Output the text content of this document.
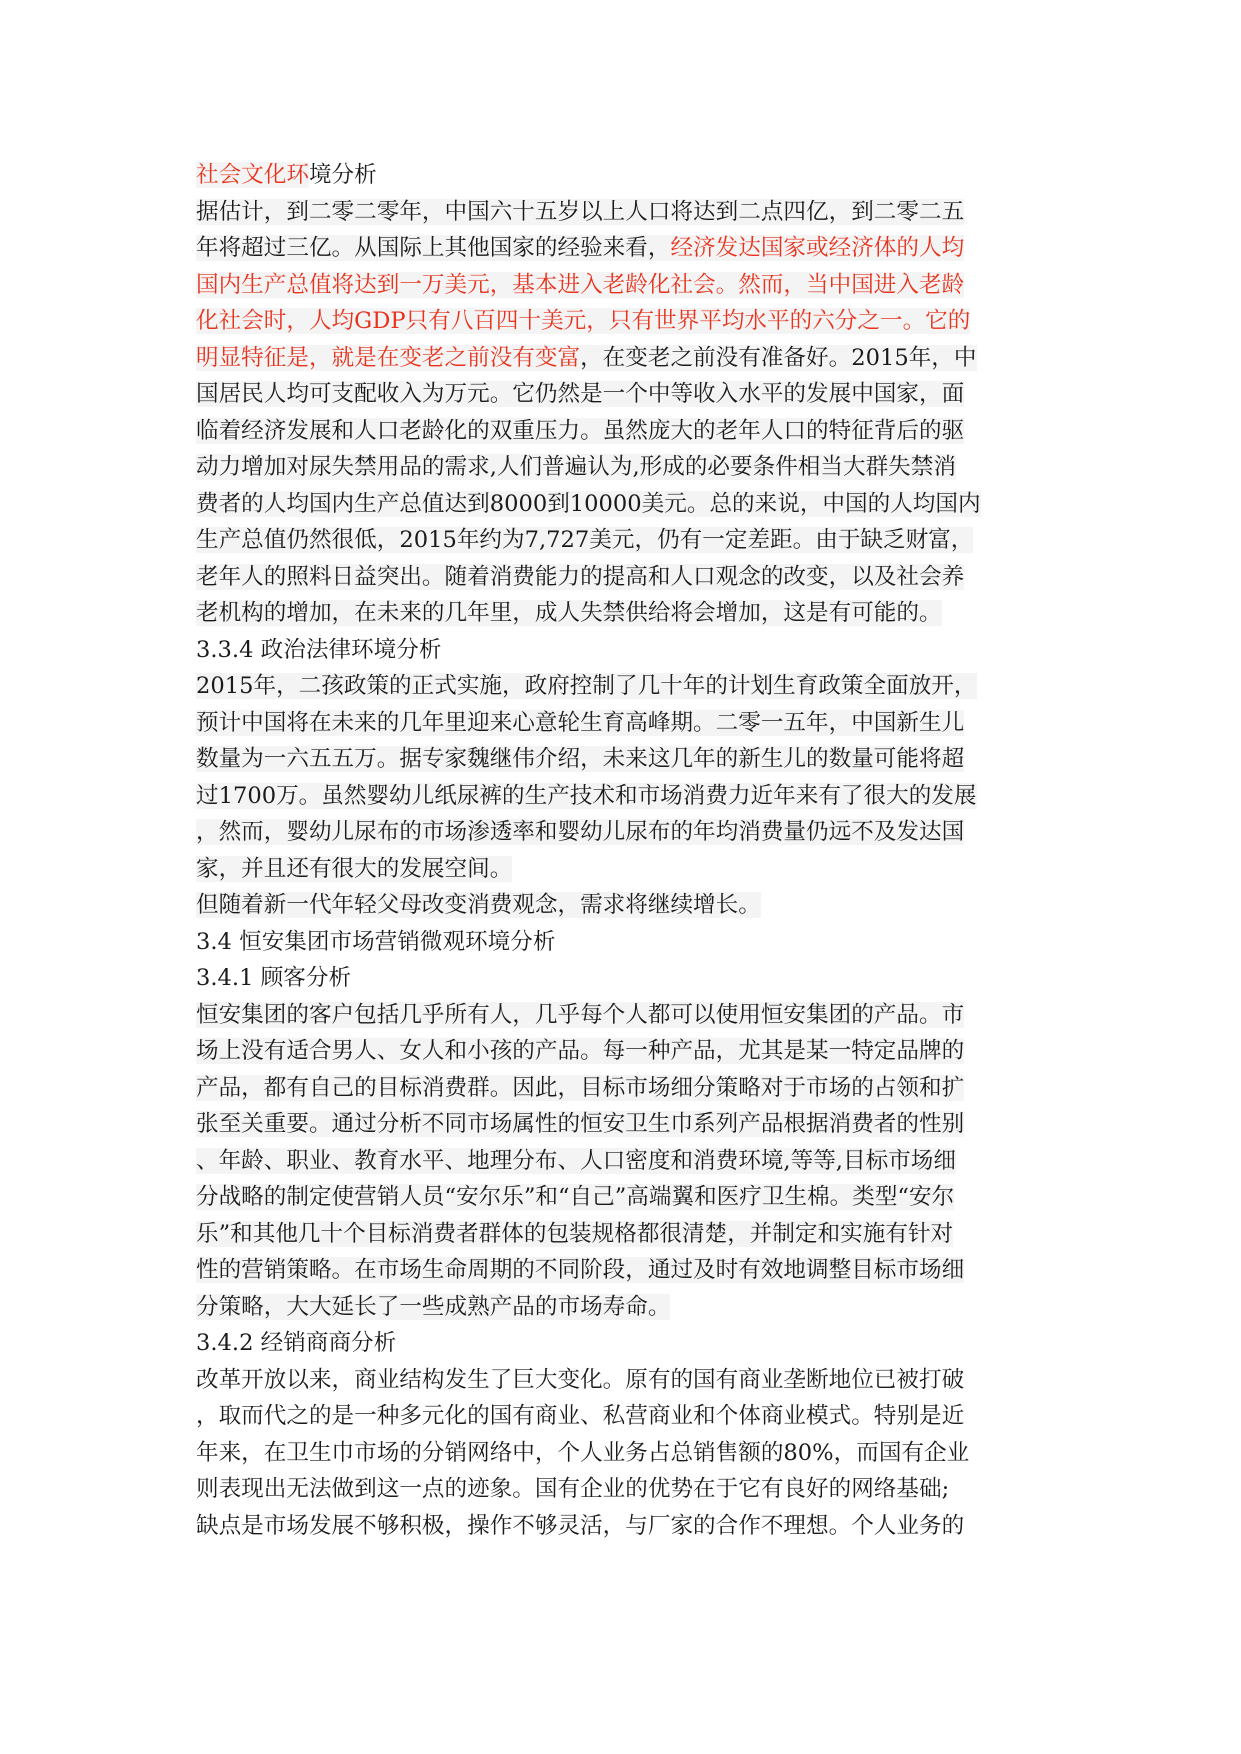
社会文化环境分析
据估计，到二零二零年，中国六十五岁以上人口将达到二点四亿，到二零二五
年将超过三亿。从国际上其他国家的经验来看，经济发达国家或经济体的人均
国内生产总值将达到一万美元，基本进入老龄化社会。然而，当中国进入老龄
化社会时，人均GDP只有八百四十美元，只有世界平均水平的六分之一。它的
明显特征是，就是在变老之前没有变富，在变老之前没有准备好。2015年，中
国居民人均可支配收入为万元。它仍然是一个中等收入水平的发展中国家，面
临着经济发展和人口老龄化的双重压力。虽然庞大的老年人口的特征背后的驱
动力增加对尿失禁用品的需求,人们普遍认为,形成的必要条件相当大群失禁消
费者的人均国内生产总值达到8000到10000美元。总的来说，中国的人均国内
生产总值仍然很低，2015年约为7,727美元，仍有一定差距。由于缺乏财富，
老年人的照料日益突出。随着消费能力的提高和人口观念的改变，以及社会养
老机构的增加，在未来的几年里，成人失禁供给将会增加，这是有可能的。
3.3.4 政治法律环境分析
2015年，二孩政策的正式实施，政府控制了几十年的计划生育政策全面放开，
预计中国将在未来的几年里迎来心意轮生育高峰期。二零一五年，中国新生儿
数量为一六五五万。据专家魏继伟介绍，未来这几年的新生儿的数量可能将超
过1700万。虽然婴幼儿纸尿裤的生产技术和市场消费力近年来有了很大的发展
，然而，婴幼儿尿布的市场渗透率和婴幼儿尿布的年均消费量仍远不及发达国
家，并且还有很大的发展空间。
但随着新一代年轻父母改变消费观念，需求将继续增长。
3.4 恒安集团市场营销微观环境分析
3.4.1 顾客分析
恒安集团的客户包括几乎所有人，几乎每个人都可以使用恒安集团的产品。市
场上没有适合男人、女人和小孩的产品。每一种产品，尤其是某一特定品牌的
产品，都有自己的目标消费群。因此，目标市场细分策略对于市场的占领和扩
张至关重要。通过分析不同市场属性的恒安卫生巾系列产品根据消费者的性别
、年龄、职业、教育水平、地理分布、人口密度和消费环境,等等,目标市场细
分战略的制定使营销人员“安尔乐”和“自己”高端翼和医疗卫生棉。类型“安尔
乐”和其他几十个目标消费者群体的包装规格都很清楚，并制定和实施有针对
性的营销策略。在市场生命周期的不同阶段，通过及时有效地调整目标市场细
分策略，大大延长了一些成熟产品的市场寿命。
3.4.2 经销商商分析
改革开放以来，商业结构发生了巨大变化。原有的国有商业垄断地位已被打破
，取而代之的是一种多元化的国有商业、私营商业和个体商业模式。特别是近
年来，在卫生巾市场的分销网络中，个人业务占总销售额的80%，而国有企业
则表现出无法做到这一点的迹象。国有企业的优势在于它有良好的网络基础;
缺点是市场发展不够积极，操作不够灵活，与厂家的合作不理想。个人业务的
